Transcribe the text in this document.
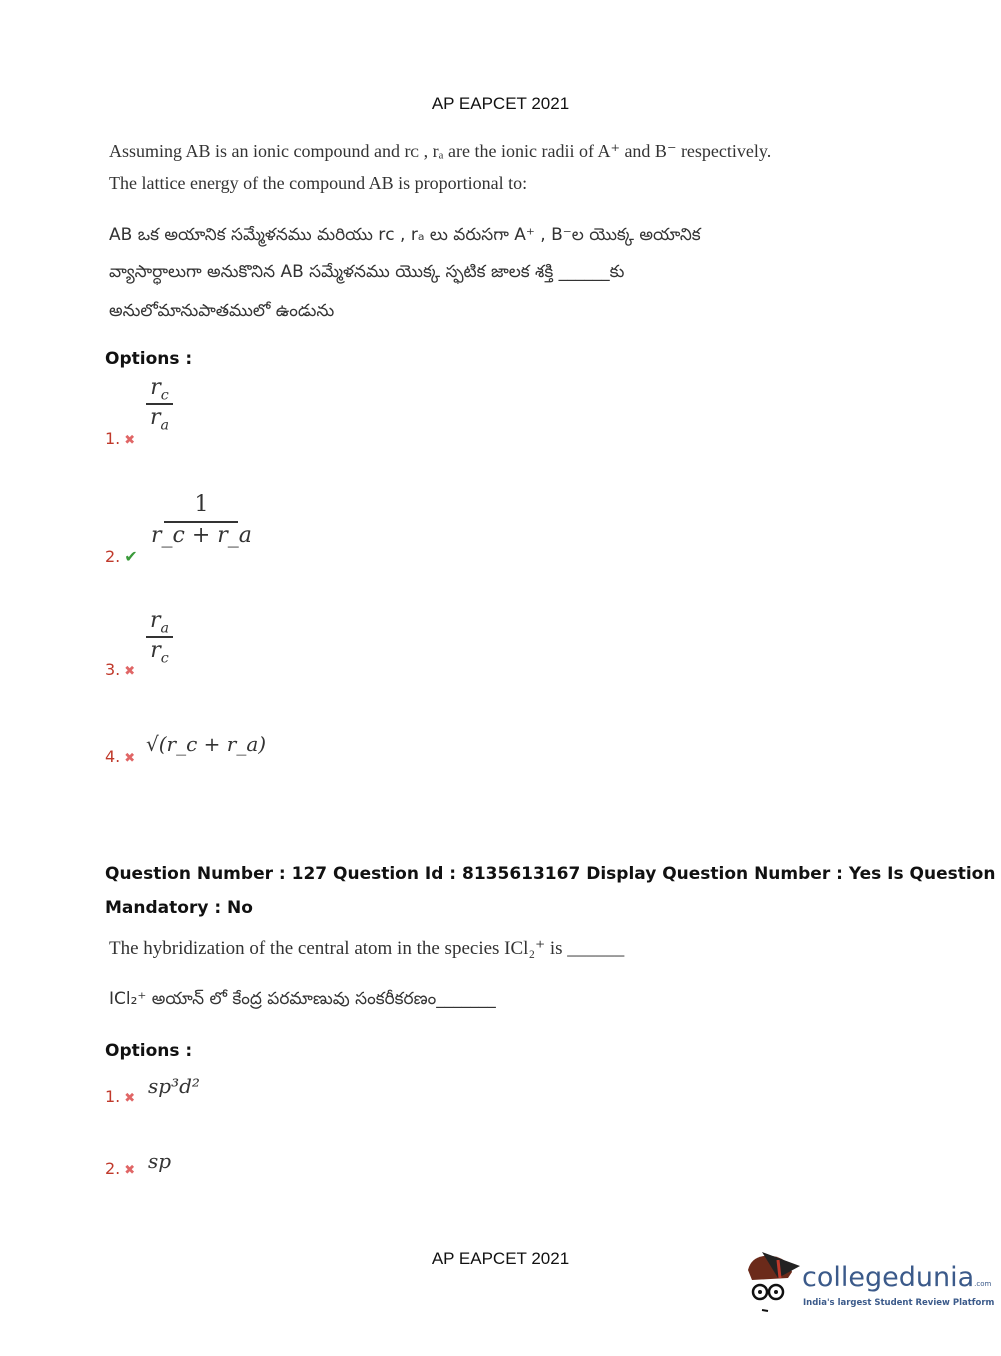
AP EAPCET 2021
Assuming AB is an ionic compound and rᴄ , rₐ are the ionic radii of A⁺ and B⁻ respectively.
The lattice energy of the compound AB is proportional to:
AB ఒక అయానిక సమ్మేళనము మరియు rᴄ , rₐ లు వరుసగా A⁺ , B⁻ల యొక్క అయానిక
వ్యాసార్ధాలుగా అనుకొనిన AB సమ్మేళనము యొక్క స్ఫటిక జాలక శక్తి ______కు
అనులోమానుపాతములో ఉండును
Options :
1. ✖
$\frac{r_c}{r_a}$
2. ✔
$\frac{1}{r\_c + r\_a}$
3. ✖
$\frac{r_a}{r_c}$
4. ✖
√(r_c + r_a)
Question Number : 127 Question Id : 8135613167 Display Question Number : Yes Is Question
Mandatory : No
The hybridization of the central atom in the species ICl₂⁺ is ______
ICl₂⁺ అయాన్ లో కేంద్ర పరమాణువు సంకరీకరణం_______
Options :
1. ✖
sp³d²
2. ✖ sp
AP EAPCET 2021
collegedunia.com
India's largest Student Review Platform
